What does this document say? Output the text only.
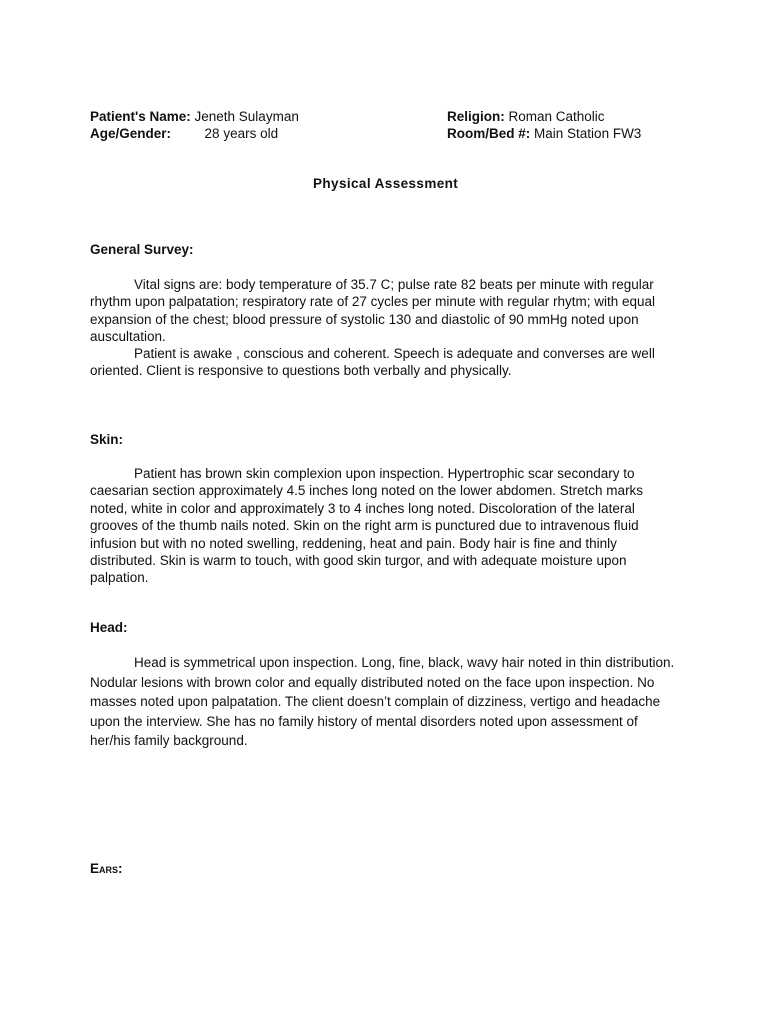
Patient's Name: Jeneth Sulayman
Age/Gender: 28 years old
Religion: Roman Catholic
Room/Bed #: Main Station FW3
Physical Assessment
General Survey:

Vital signs are: body temperature of 35.7 C; pulse rate 82 beats per minute with regular rhythm upon palpatation; respiratory rate of 27 cycles per minute with regular rhytm; with equal expansion of the chest; blood pressure of systolic 130 and diastolic of 90 mmHg noted upon auscultation.

Patient is awake , conscious and coherent. Speech is adequate and converses are well oriented. Client is responsive to questions both verbally and physically.

Skin:

Patient has brown skin complexion upon inspection. Hypertrophic scar secondary to caesarian section approximately 4.5 inches long noted on the lower abdomen. Stretch marks noted, white in color and approximately 3 to 4 inches long noted. Discoloration of the lateral grooves of the thumb nails noted. Skin on the right arm is punctured due to intravenous fluid infusion but with no noted swelling, reddening, heat and pain. Body hair is fine and thinly distributed. Skin is warm to touch, with good skin turgor, and with adequate moisture upon palpation.

Head:

Head is symmetrical upon inspection. Long, fine, black, wavy hair noted in thin distribution. Nodular lesions with brown color and equally distributed noted on the face upon inspection. No masses noted upon palpatation. The client doesn’t complain of dizziness, vertigo and headache upon the interview. She has no family history of mental disorders noted upon assessment of her/his family background.

Ears:
